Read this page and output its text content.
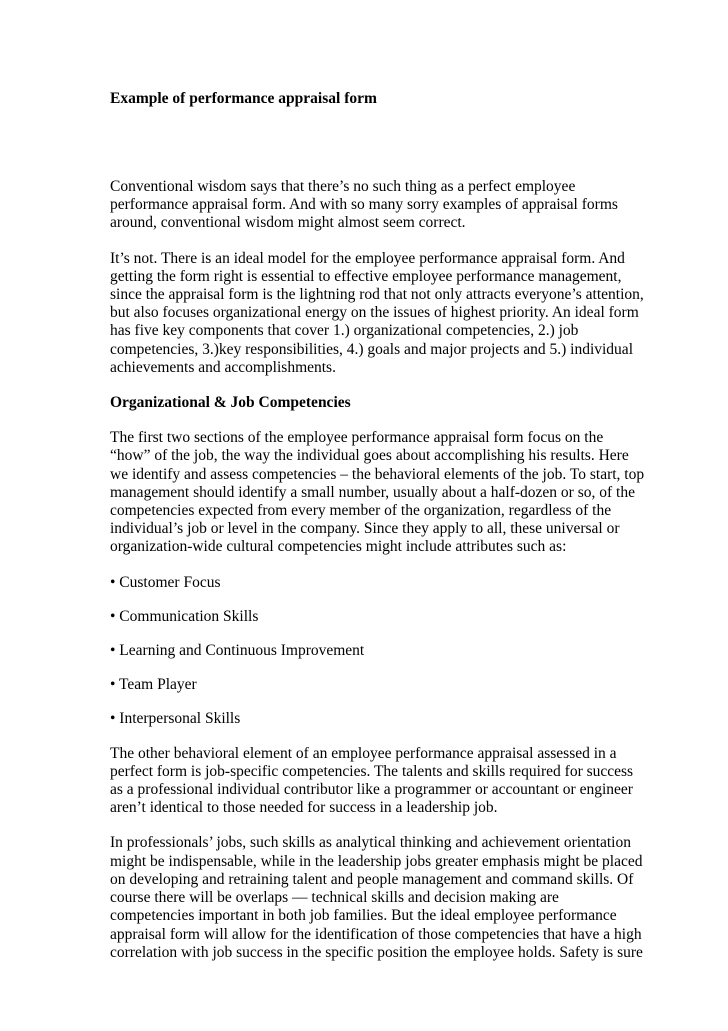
Example of performance appraisal form

Conventional wisdom says that there’s no such thing as a perfect employee
performance appraisal form. And with so many sorry examples of appraisal forms
around, conventional wisdom might almost seem correct.

It’s not. There is an ideal model for the employee performance appraisal form. And
getting the form right is essential to effective employee performance management,
since the appraisal form is the lightning rod that not only attracts everyone’s attention,
but also focuses organizational energy on the issues of highest priority. An ideal form
has five key components that cover 1.) organizational competencies, 2.) job
competencies, 3.)key responsibilities, 4.) goals and major projects and 5.) individual
achievements and accomplishments.

Organizational & Job Competencies

The first two sections of the employee performance appraisal form focus on the
“how” of the job, the way the individual goes about accomplishing his results. Here
we identify and assess competencies – the behavioral elements of the job. To start, top
management should identify a small number, usually about a half-dozen or so, of the
competencies expected from every member of the organization, regardless of the
individual’s job or level in the company. Since they apply to all, these universal or
organization-wide cultural competencies might include attributes such as:

• Customer Focus

• Communication Skills

• Learning and Continuous Improvement

• Team Player

• Interpersonal Skills

The other behavioral element of an employee performance appraisal assessed in a
perfect form is job-specific competencies. The talents and skills required for success
as a professional individual contributor like a programmer or accountant or engineer
aren’t identical to those needed for success in a leadership job.

In professionals’ jobs, such skills as analytical thinking and achievement orientation
might be indispensable, while in the leadership jobs greater emphasis might be placed
on developing and retraining talent and people management and command skills. Of
course there will be overlaps — technical skills and decision making are
competencies important in both job families. But the ideal employee performance
appraisal form will allow for the identification of those competencies that have a high
correlation with job success in the specific position the employee holds. Safety is sure
